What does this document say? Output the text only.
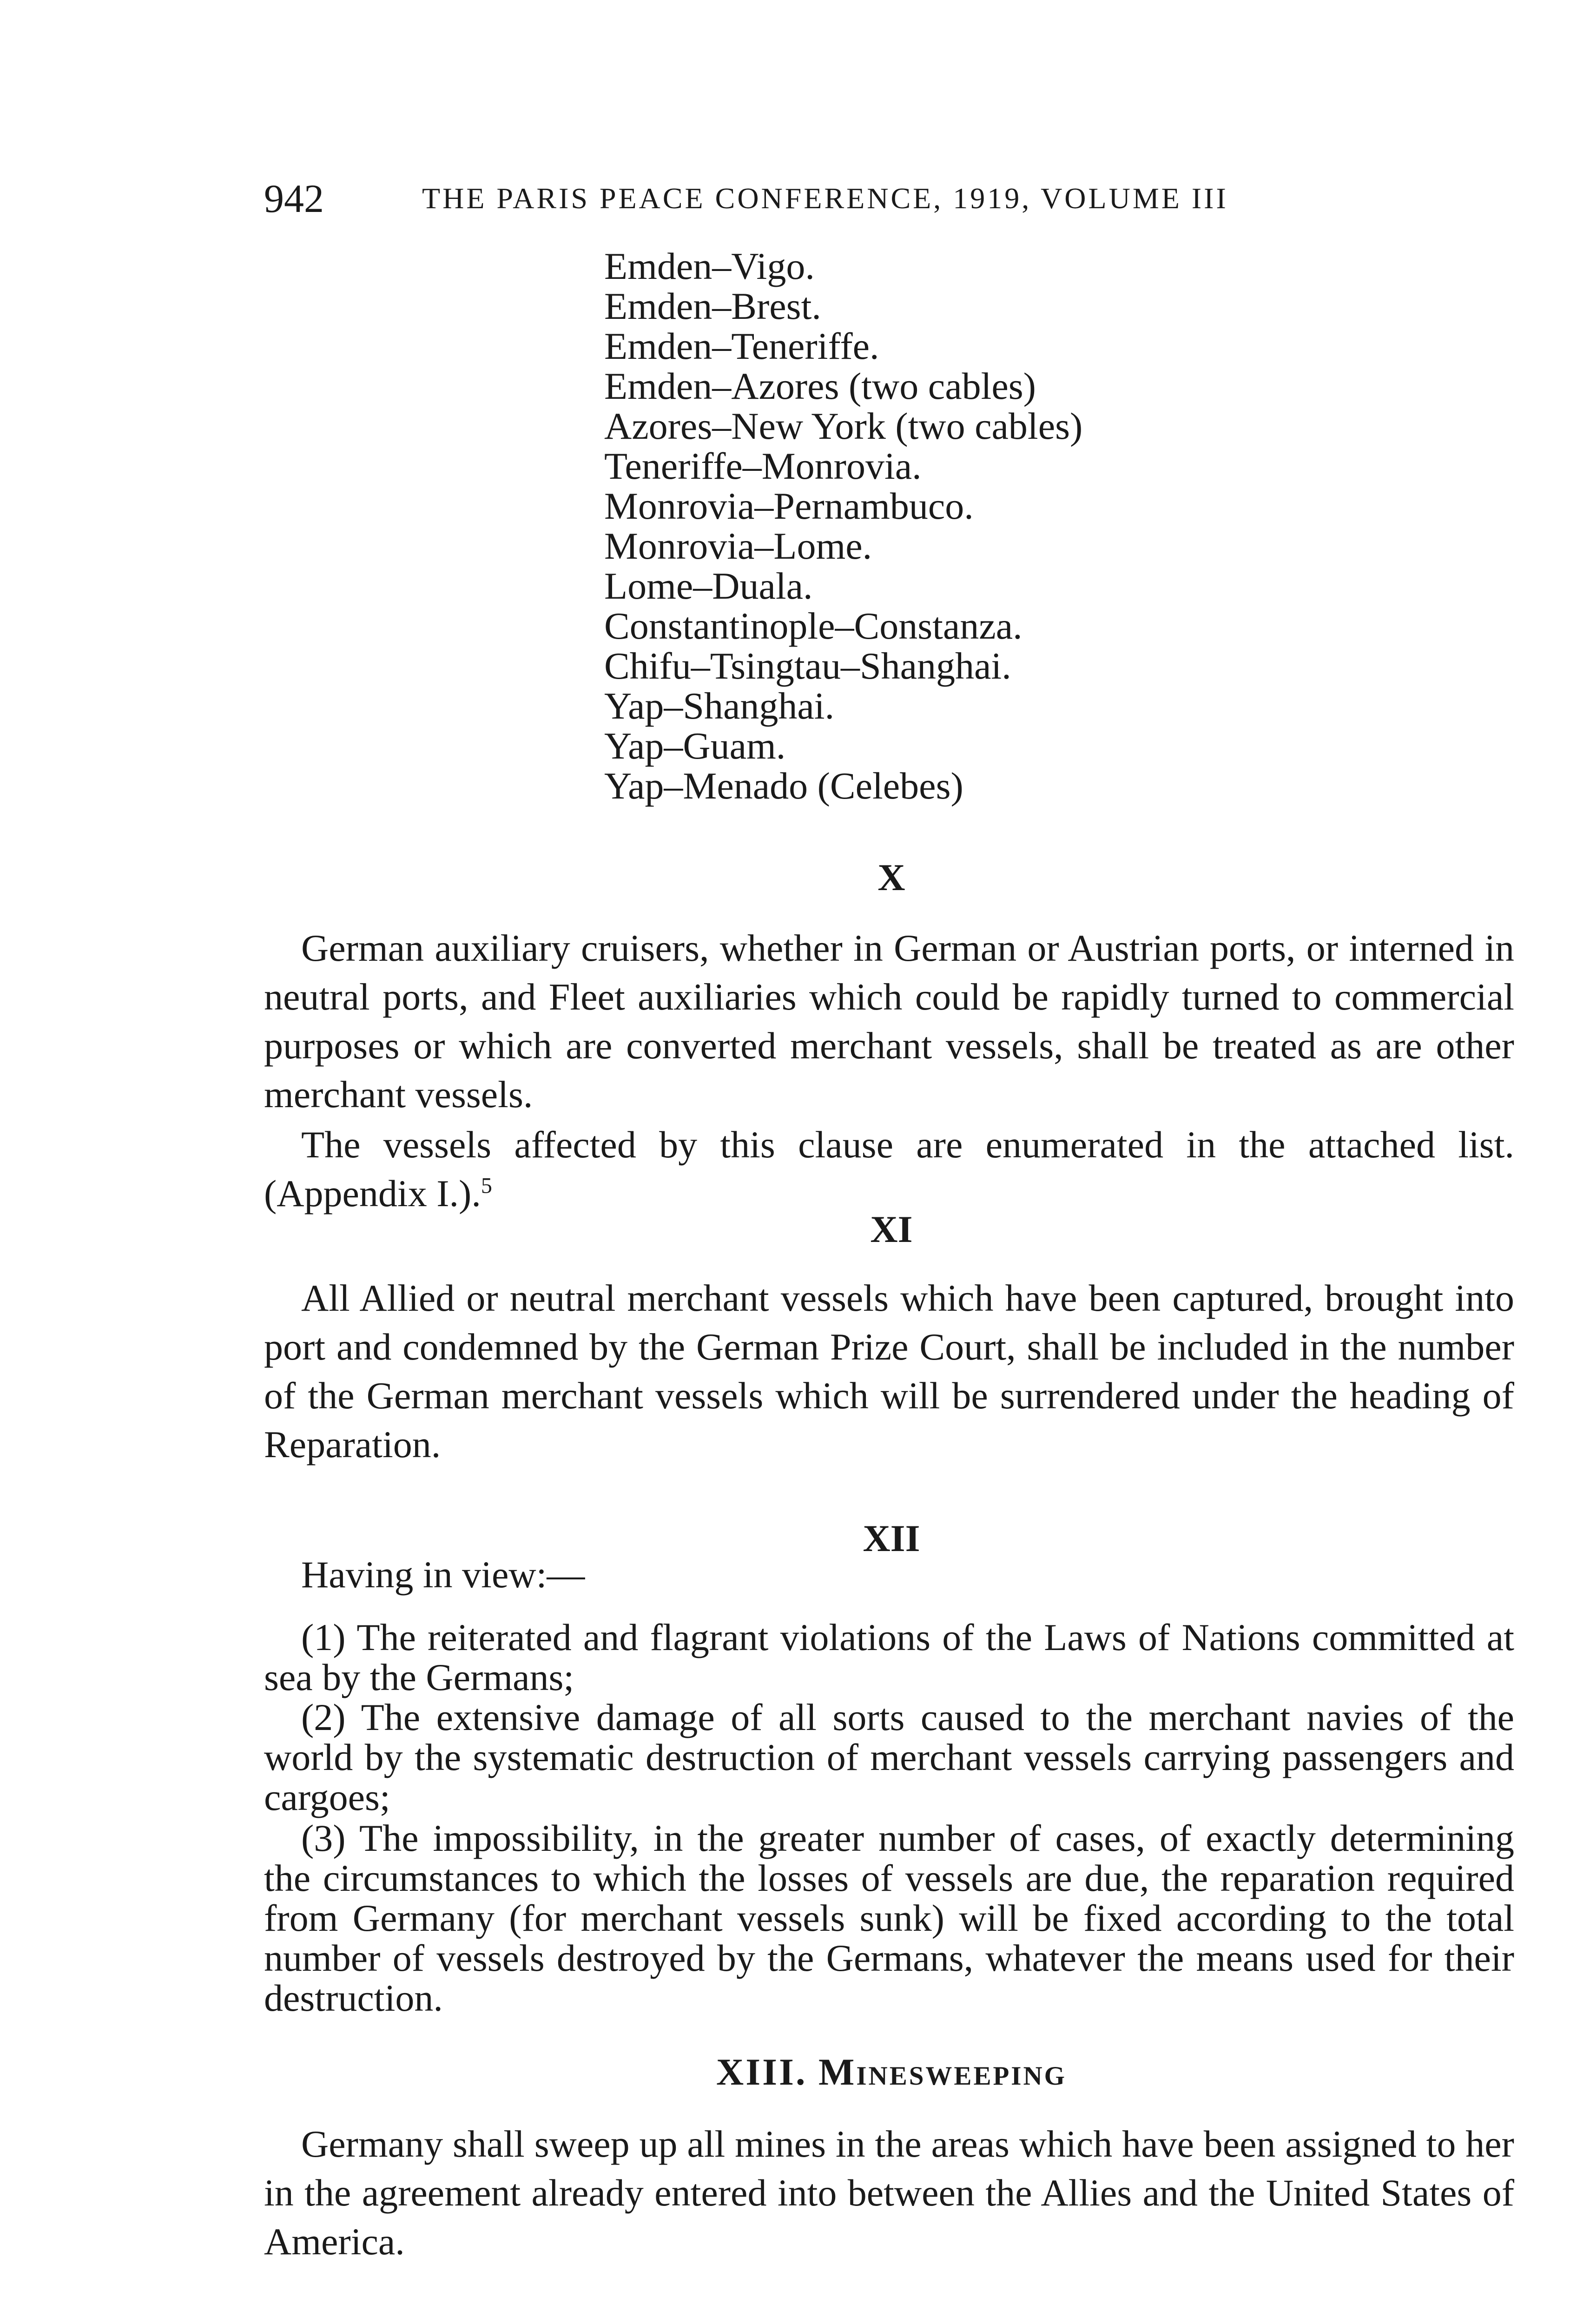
942	THE PARIS PEACE CONFERENCE, 1919, VOLUME III
Emden–Vigo.
Emden–Brest.
Emden–Teneriffe.
Emden–Azores (two cables)
Azores–New York (two cables)
Teneriffe–Monrovia.
Monrovia–Pernambuco.
Monrovia–Lome.
Lome–Duala.
Constantinople–Constanza.
Chifu–Tsingtau–Shanghai.
Yap–Shanghai.
Yap–Guam.
Yap–Menado (Celebes)
X

German auxiliary cruisers, whether in German or Austrian ports, or interned in neutral ports, and Fleet auxiliaries which could be rapidly turned to commercial purposes or which are converted merchant vessels, shall be treated as are other merchant vessels.

The vessels affected by this clause are enumerated in the attached list. (Appendix I.).$^5$

XI

All Allied or neutral merchant vessels which have been captured, brought into port and condemned by the German Prize Court, shall be included in the number of the German merchant vessels which will be surrendered under the heading of Reparation.

XII

Having in view:—

(1) The reiterated and flagrant violations of the Laws of Nations committed at sea by the Germans;

(2) The extensive damage of all sorts caused to the merchant navies of the world by the systematic destruction of merchant vessels carrying passengers and cargoes;

(3) The impossibility, in the greater number of cases, of exactly determining the circumstances to which the losses of vessels are due, the reparation required from Germany (for merchant vessels sunk) will be fixed according to the total number of vessels destroyed by the Germans, whatever the means used for their destruction.

XIII. Minesweeping

Germany shall sweep up all mines in the areas which have been assigned to her in the agreement already entered into between the Allies and the United States of America.
